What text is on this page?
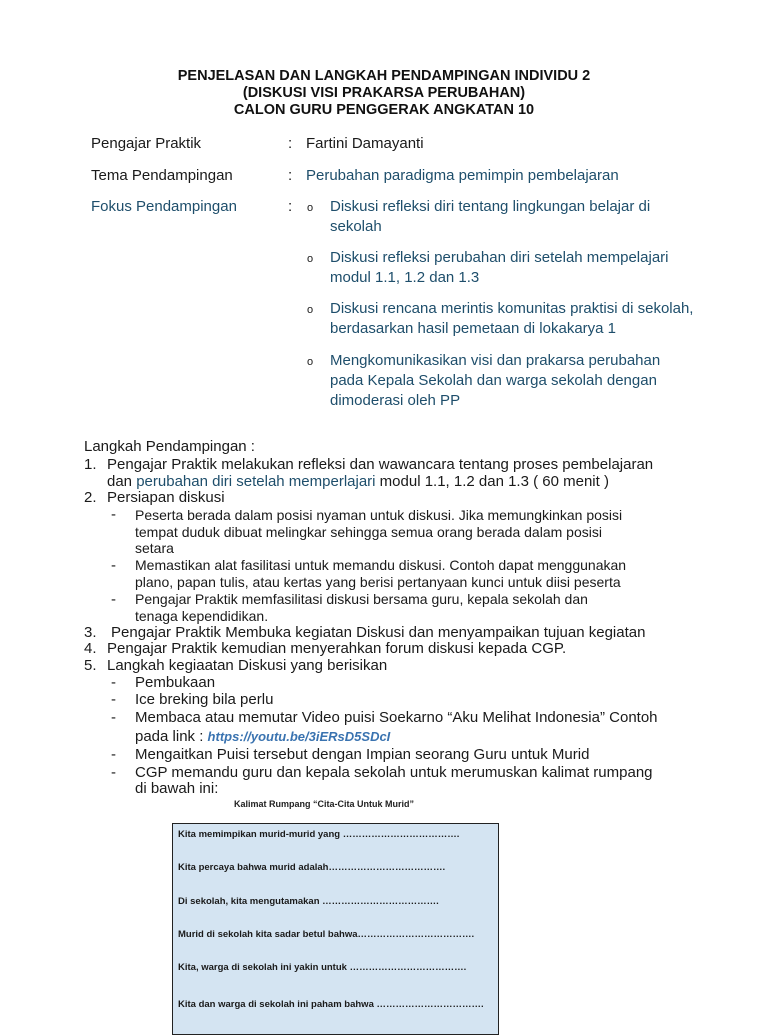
PENJELASAN DAN LANGKAH PENDAMPINGAN INDIVIDU 2
(DISKUSI VISI PRAKARSA PERUBAHAN)
CALON GURU PENGGERAK ANGKATAN 10
Pengajar Praktik	: Fartini Damayanti
Tema Pendampingan	: Perubahan paradigma pemimpin pembelajaran
Fokus Pendampingan	: o Diskusi refleksi diri tentang lingkungan belajar di
sekolah
o Diskusi refleksi perubahan diri setelah mempelajari
modul 1.1, 1.2 dan 1.3
o Diskusi rencana merintis komunitas praktisi di sekolah,
berdasarkan hasil pemetaan di lokakarya 1
o Mengkomunikasikan visi dan prakarsa perubahan
pada Kepala Sekolah dan warga sekolah dengan
dimoderasi oleh PP
Langkah Pendampingan :
1. Pengajar Praktik melakukan refleksi dan wawancara tentang proses pembelajaran
dan perubahan diri setelah memperlajari modul 1.1, 1.2 dan 1.3 ( 60 menit )
2. Persiapan diskusi
- Peserta berada dalam posisi nyaman untuk diskusi. Jika memungkinkan posisi
tempat duduk dibuat melingkar sehingga semua orang berada dalam posisi
setara
- Memastikan alat fasilitasi untuk memandu diskusi. Contoh dapat menggunakan
plano, papan tulis, atau kertas yang berisi pertanyaan kunci untuk diisi peserta
- Pengajar Praktik memfasilitasi diskusi bersama guru, kepala sekolah dan
tenaga kependidikan.
3. Pengajar Praktik Membuka kegiatan Diskusi dan menyampaikan tujuan kegiatan
4. Pengajar Praktik kemudian menyerahkan forum diskusi kepada CGP.
5. Langkah kegiaatan Diskusi yang berisikan
- Pembukaan
- Ice breking bila perlu
- Membaca atau memutar Video puisi Soekarno “Aku Melihat Indonesia” Contoh
pada link : https://youtu.be/3iERsD5SDcI
- Mengaitkan Puisi tersebut dengan Impian seorang Guru untuk Murid
- CGP memandu guru dan kepala sekolah untuk merumuskan kalimat rumpang
di bawah ini:
Kalimat Rumpang “Cita-Cita Untuk Murid”
Kita memimpikan murid-murid yang ……………………………….
Kita percaya bahwa murid adalah……………………………….
Di sekolah, kita mengutamakan ……………………………….
Murid di sekolah kita sadar betul bahwa……………………………….
Kita, warga di sekolah ini yakin untuk ……………………………….
Kita dan warga di sekolah ini paham bahwa …………………………….
